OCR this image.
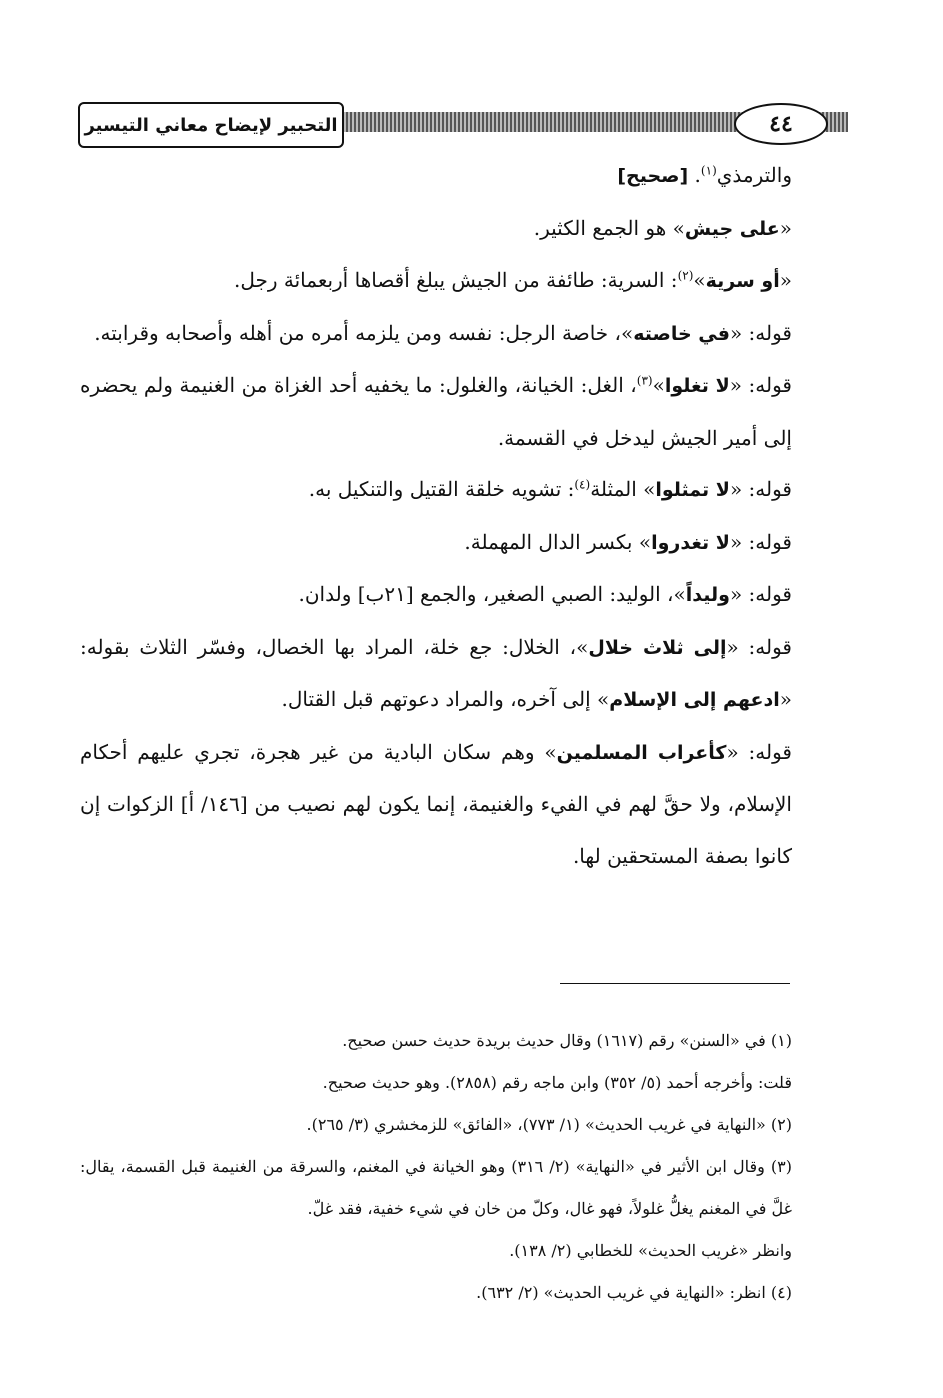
التحبير لإيضاح معاني التيسير	٤٤

والترمذي$^{(١)}$. [صحيح]

«على جيش» هو الجمع الكثير.

«أو سرية»$^{(٢)}$: السرية: طائفة من الجيش يبلغ أقصاها أربعمائة رجل.

قوله: «في خاصته»، خاصة الرجل: نفسه ومن يلزمه أمره من أهله وأصحابه وقرابته.

قوله: «لا تغلوا»$^{(٣)}$، الغل: الخيانة، والغلول: ما يخفيه أحد الغزاة من الغنيمة ولم يحضره إلى أمير الجيش ليدخل في القسمة.

قوله: «لا تمثلوا» المثلة$^{(٤)}$: تشويه خلقة القتيل والتنكيل به.

قوله: «لا تغدروا» بكسر الدال المهملة.

قوله: «وليداً»، الوليد: الصبي الصغير، والجمع [٢١ب] ولدان.

قوله: «إلى ثلاث خلال»، الخلال: جع خلة، المراد بها الخصال، وفسّر الثلاث بقوله: «ادعهم إلى الإسلام» إلى آخره، والمراد دعوتهم قبل القتال.

قوله: «كأعراب المسلمين» وهم سكان البادية من غير هجرة، تجري عليهم أحكام الإسلام، ولا حقَّ لهم في الفيء والغنيمة، إنما يكون لهم نصيب من [١٤٦/ أ] الزكوات إن كانوا بصفة المستحقين لها.

(١) في «السنن» رقم (١٦١٧) وقال حديث بريدة حديث حسن صحيح.

قلت: وأخرجه أحمد (٥/ ٣٥٢) وابن ماجه رقم (٢٨٥٨). وهو حديث صحيح.

(٢) «النهاية في غريب الحديث» (١/ ٧٧٣)، «الفائق» للزمخشري (٣/ ٢٦٥).

(٣) وقال ابن الأثير في «النهاية» (٢/ ٣١٦) وهو الخيانة في المغنم، والسرقة من الغنيمة قبل القسمة، يقال: غلَّ في المغنم يغلُّ غلولاً، فهو غال، وكلّ من خان في شيء خفية، فقد غلّ.

وانظر «غريب الحديث» للخطابي (٢/ ١٣٨).

(٤) انظر: «النهاية في غريب الحديث» (٢/ ٦٣٢).
